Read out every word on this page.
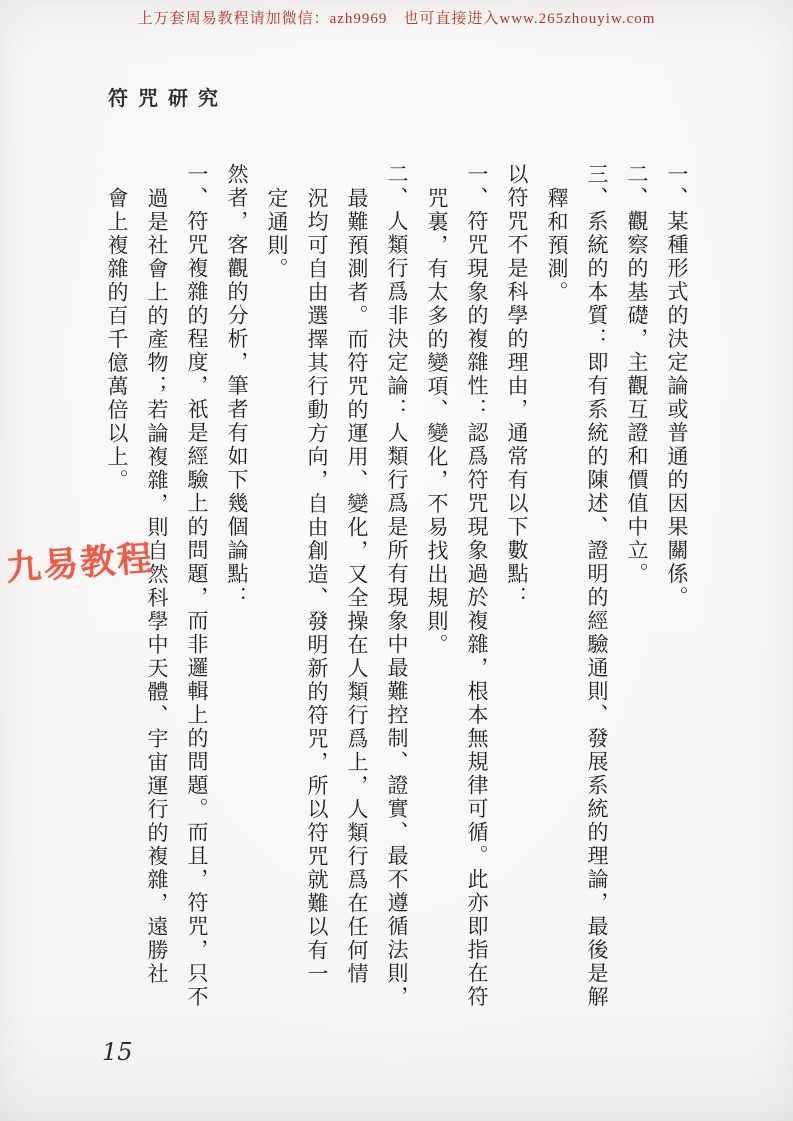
上万套周易教程请加微信：azh9969　也可直接进入www.265zhouyiw.com
符咒研究
一、某種形式的決定論或普通的因果關係。
二、觀察的基礎，主觀互證和價值中立。
三、系統的本質：即有系統的陳述、證明的經驗通則、發展系統的理論，最後是解
釋和預測。
以符咒不是科學的理由，通常有以下數點：
一、符咒現象的複雜性：認爲符咒現象過於複雜，根本無規律可循。此亦即指在符
咒裏，有太多的變項、變化，不易找出規則。
二、人類行爲非決定論：人類行爲是所有現象中最難控制、證實、最不遵循法則，
最難預測者。而符咒的運用、變化，又全操在人類行爲上，人類行爲在任何情
況均可自由選擇其行動方向，自由創造、發明新的符咒，所以符咒就難以有一
定通則。
然者，客觀的分析，筆者有如下幾個論點：
一、符咒複雜的程度，祇是經驗上的問題，而非邏輯上的問題。而且，符咒，只不
過是社會上的產物；若論複雜，則自然科學中天體、宇宙運行的複雜，遠勝社
會上複雜的百千億萬倍以上。
九易教程
15
